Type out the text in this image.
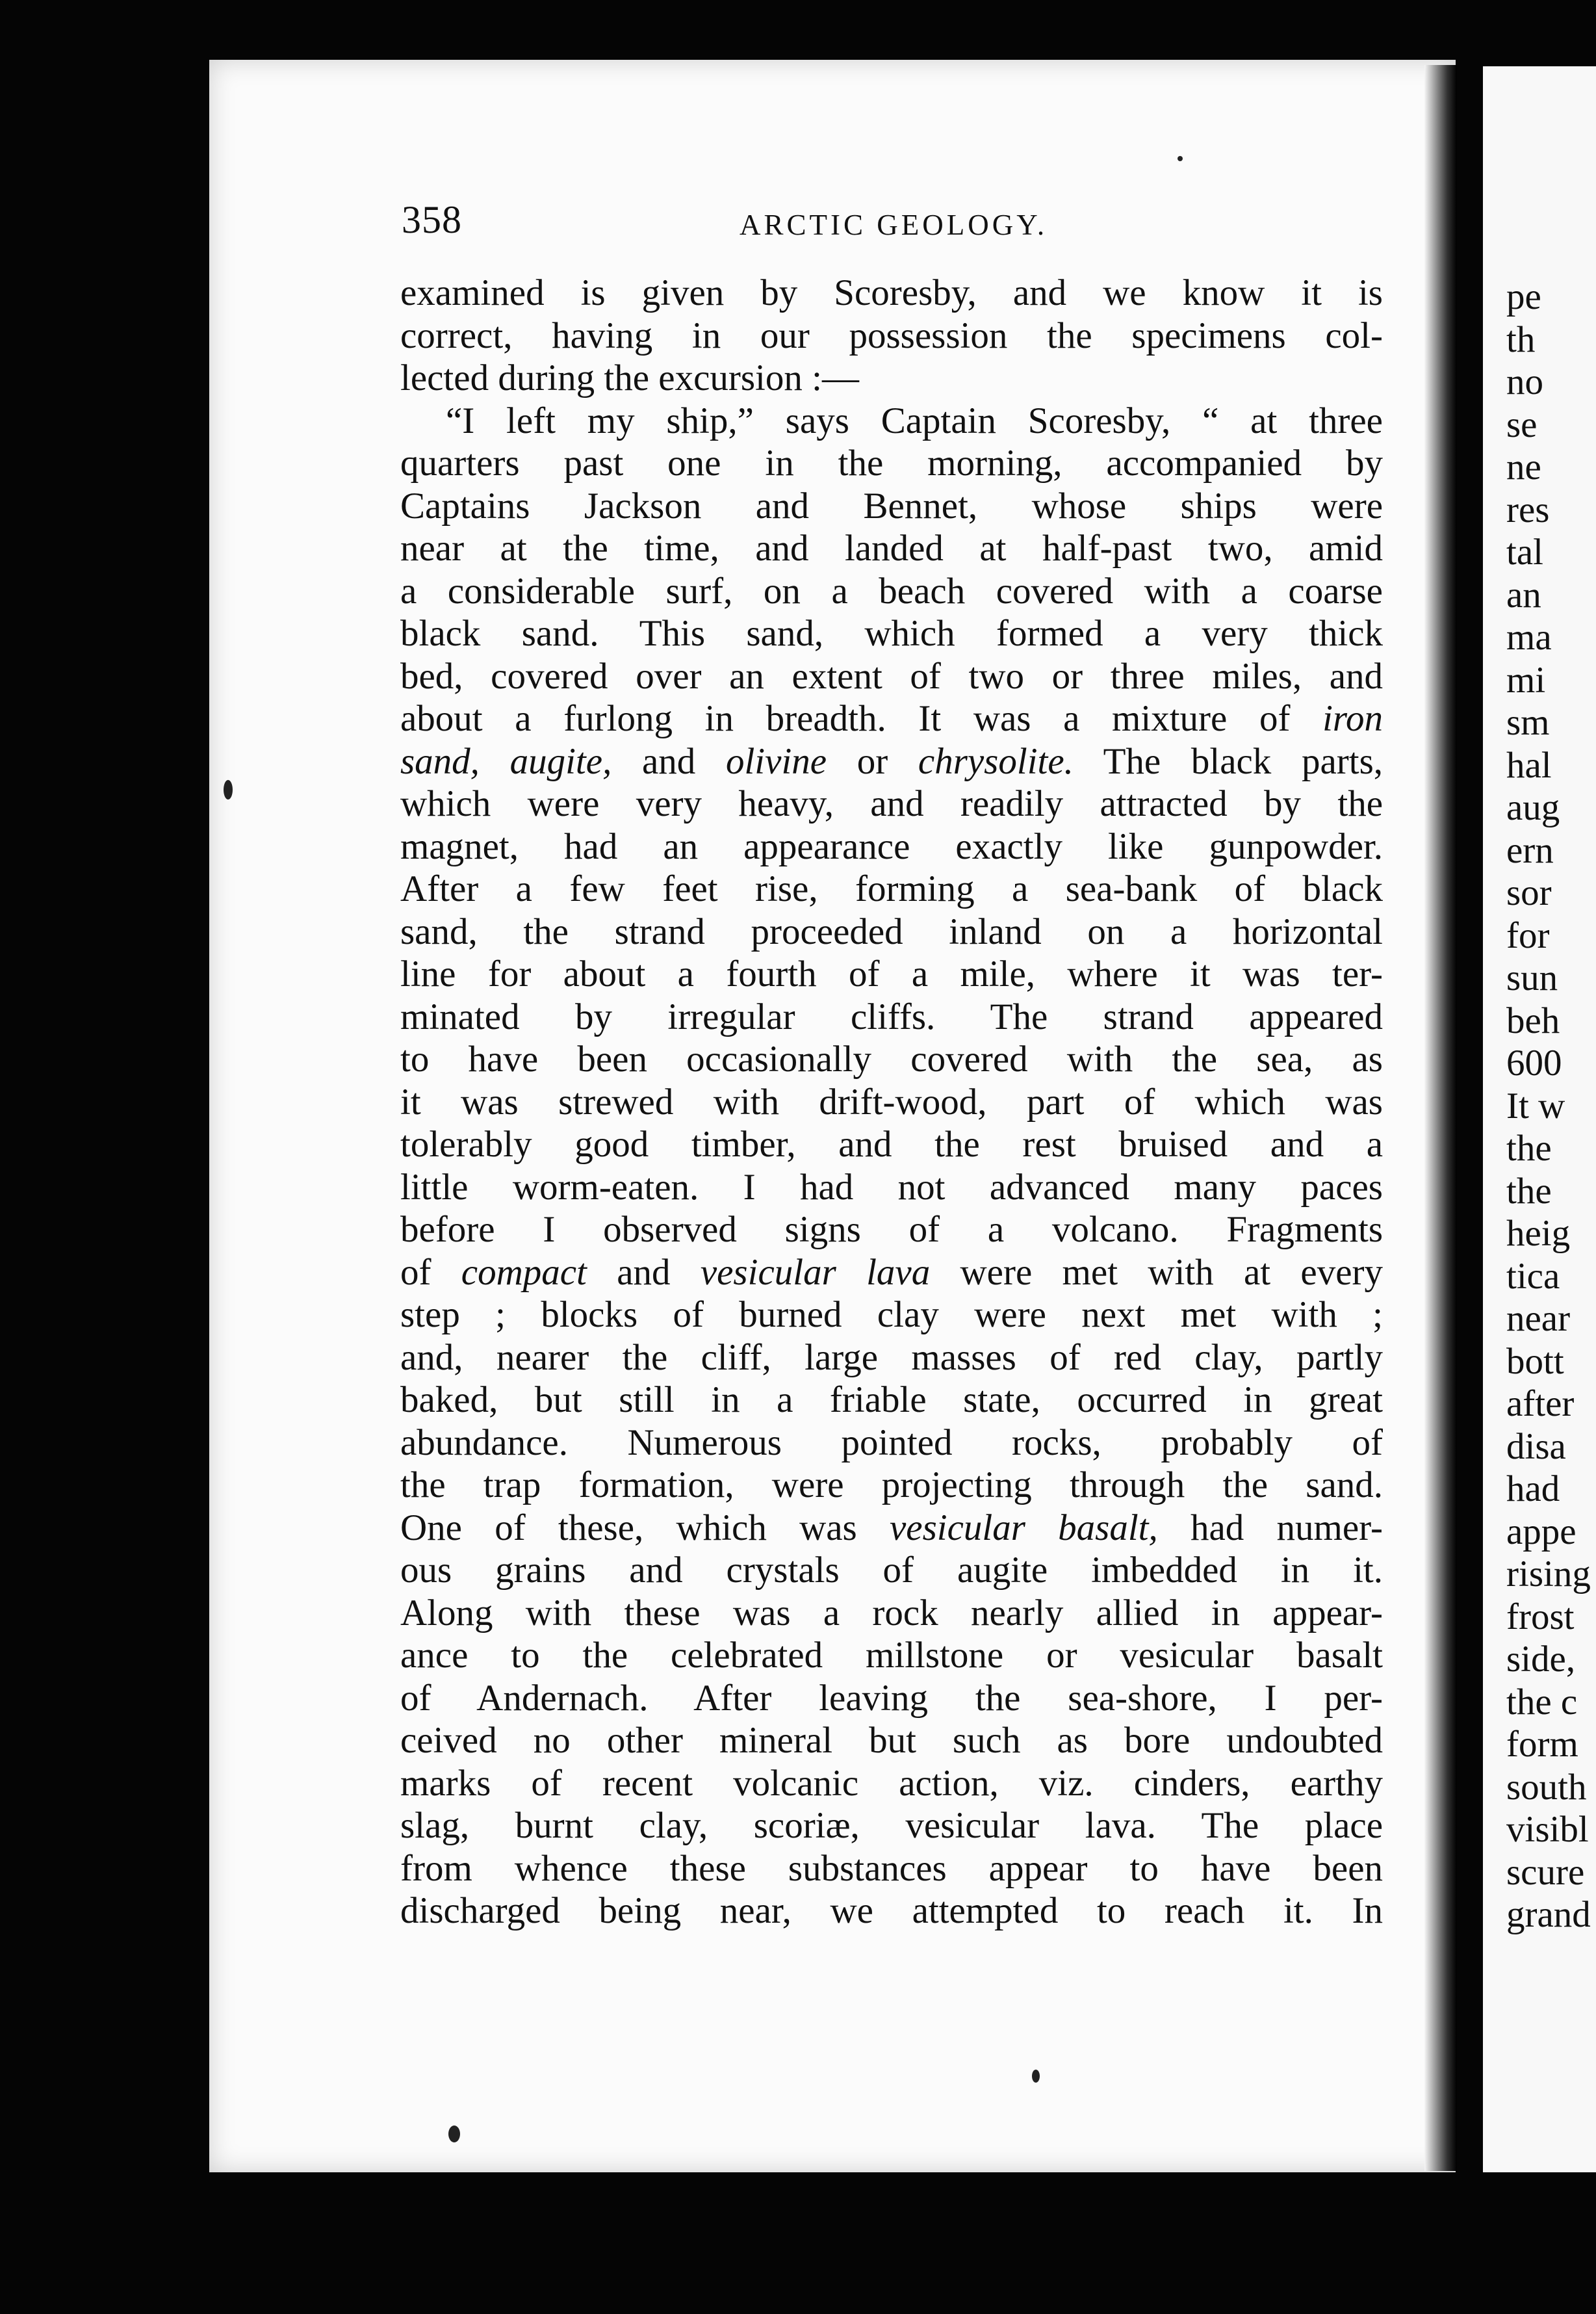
pe
th
no
se
ne
res
tal
an
ma
mi
sm
hal
aug
ern
sor
for
sun
beh
600
It w
the
the
heig
tica
near
bott
after
disa
had
appe
rising
frost
side,
the c
form
south
visibl
scure
grand
358	ARCTIC GEOLOGY.
examined is given by Scoresby, and we know it is
correct, having in our possession the specimens col-
lected during the excursion :—
“I left my ship,” says Captain Scoresby, “ at three
quarters past one in the morning, accompanied by
Captains Jackson and Bennet, whose ships were
near at the time, and landed at half-past two, amid
a considerable surf, on a beach covered with a coarse
black sand. This sand, which formed a very thick
bed, covered over an extent of two or three miles, and
about a furlong in breadth. It was a mixture of iron
sand, augite, and olivine or chrysolite. The black parts,
which were very heavy, and readily attracted by the
magnet, had an appearance exactly like gunpowder.
After a few feet rise, forming a sea-bank of black
sand, the strand proceeded inland on a horizontal
line for about a fourth of a mile, where it was ter-
minated by irregular cliffs. The strand appeared
to have been occasionally covered with the sea, as
it was strewed with drift-wood, part of which was
tolerably good timber, and the rest bruised and a
little worm-eaten. I had not advanced many paces
before I observed signs of a volcano. Fragments
of compact and vesicular lava were met with at every
step ; blocks of burned clay were next met with ;
and, nearer the cliff, large masses of red clay, partly
baked, but still in a friable state, occurred in great
abundance. Numerous pointed rocks, probably of
the trap formation, were projecting through the sand.
One of these, which was vesicular basalt, had numer-
ous grains and crystals of augite imbedded in it.
Along with these was a rock nearly allied in appear-
ance to the celebrated millstone or vesicular basalt
of Andernach. After leaving the sea-shore, I per-
ceived no other mineral but such as bore undoubted
marks of recent volcanic action, viz. cinders, earthy
slag, burnt clay, scoriæ, vesicular lava. The place
from whence these substances appear to have been
discharged being near, we attempted to reach it. In
